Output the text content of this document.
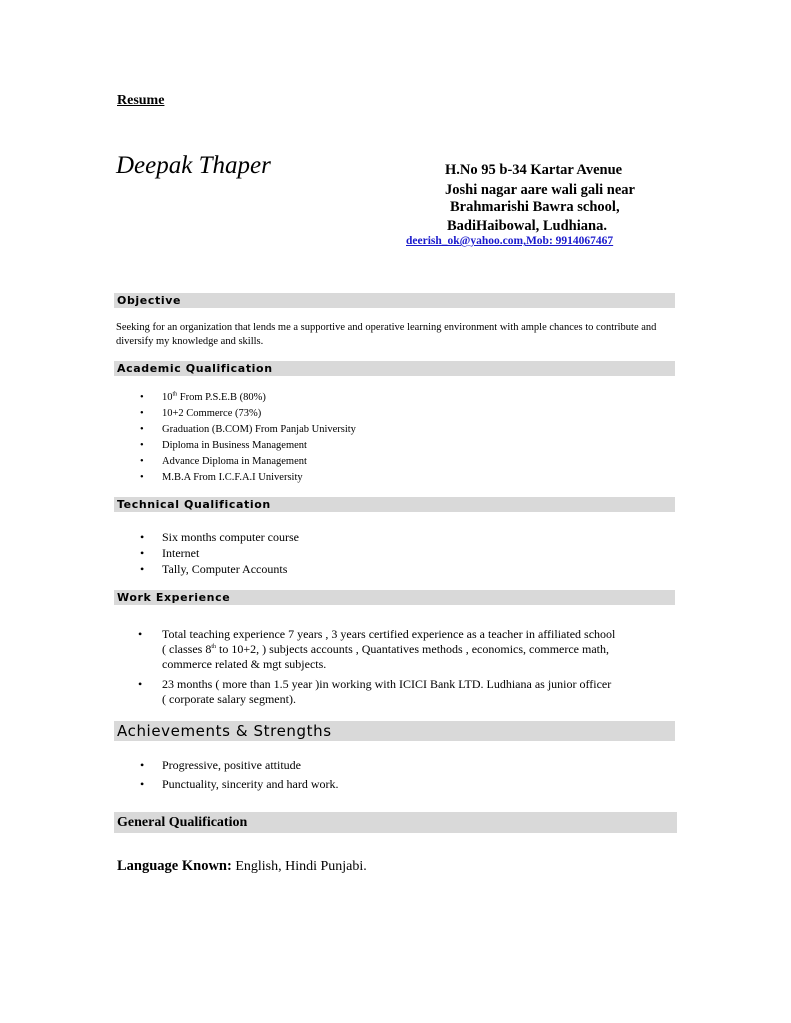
Resume
Deepak Thaper	H.No 95 b-34 Kartar Avenue
Joshi nagar aare wali gali near
Brahmarishi Bawra school,
BadiHaibowal, Ludhiana.
deerish_ok@yahoo.com,Mob: 9914067467
Objective
Seeking for an organization that lends me a supportive and operative learning environment with ample chances to contribute and diversify my knowledge and skills.
Academic Qualification
• 10th From P.S.E.B (80%)
• 10+2 Commerce (73%)
• Graduation (B.COM) From Panjab University
• Diploma in Business Management
• Advance Diploma in Management
• M.B.A From I.C.F.A.I University
Technical Qualification
• Six months computer course
• Internet
• Tally, Computer Accounts
Work Experience
• Total teaching experience 7 years , 3 years certified experience as a teacher in affiliated school
( classes 8th to 10+2, ) subjects accounts , Quantatives methods , economics, commerce math,
commerce related & mgt subjects.
• 23 months ( more than 1.5 year )in working with ICICI Bank LTD. Ludhiana as junior officer
( corporate salary segment).
Achievements & Strengths
• Progressive, positive attitude
• Punctuality, sincerity and hard work.
General Qualification
Language Known: English, Hindi Punjabi.
